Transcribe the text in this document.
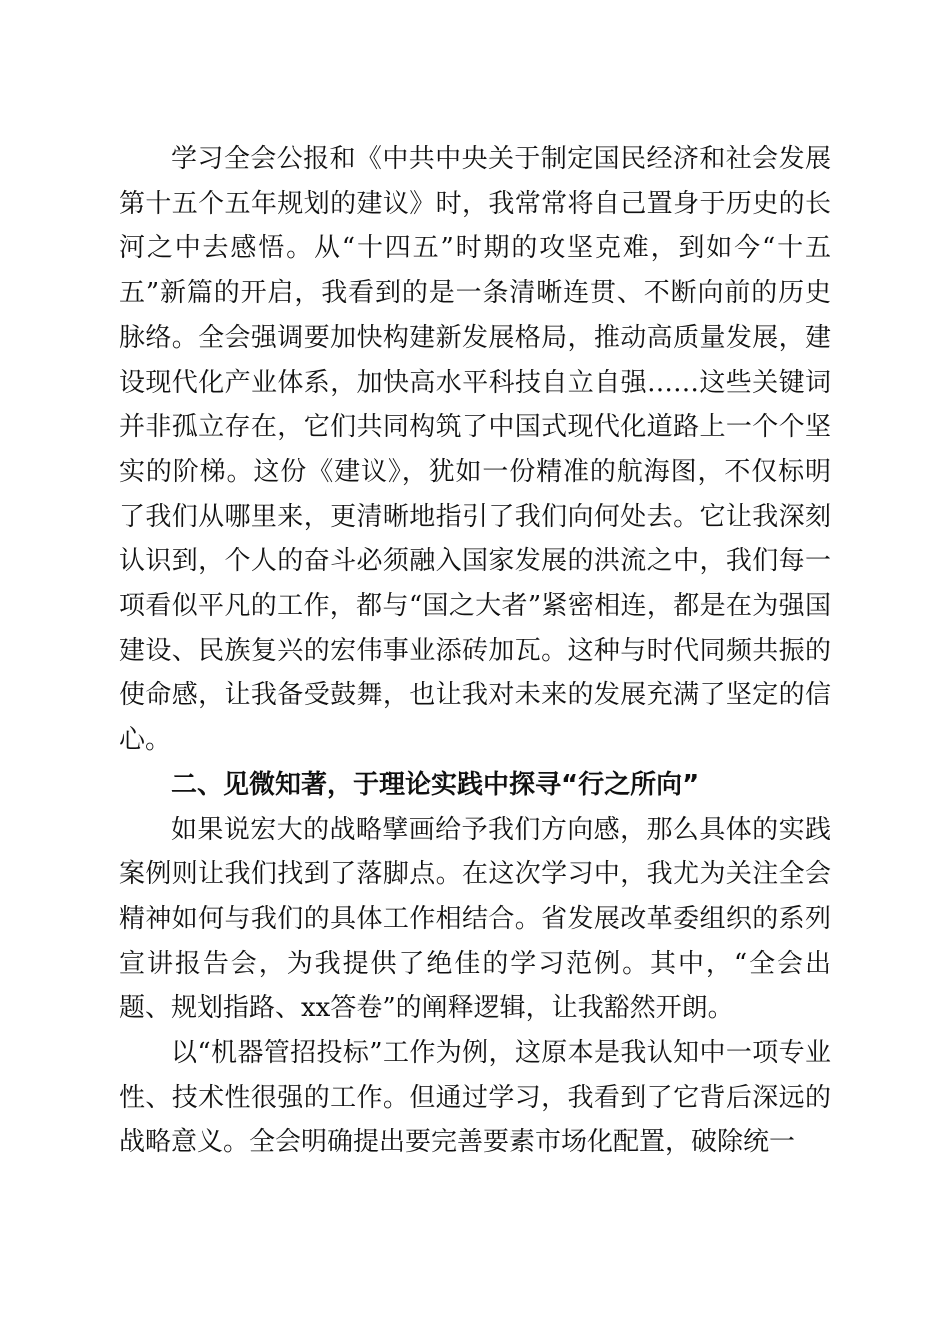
学习全会公报和《中共中央关于制定国民经济和社会发展第十五个五年规划的建议》时，我常常将自己置身于历史的长河之中去感悟。从“十四五”时期的攻坚克难，到如今“十五五”新篇的开启，我看到的是一条清晰连贯、不断向前的历史脉络。全会强调要加快构建新发展格局，推动高质量发展，建设现代化产业体系，加快高水平科技自立自强……这些关键词并非孤立存在，它们共同构筑了中国式现代化道路上一个个坚实的阶梯。这份《建议》，犹如一份精准的航海图，不仅标明了我们从哪里来，更清晰地指引了我们向何处去。它让我深刻认识到，个人的奋斗必须融入国家发展的洪流之中，我们每一项看似平凡的工作，都与“国之大者”紧密相连，都是在为强国建设、民族复兴的宏伟事业添砖加瓦。这种与时代同频共振的使命感，让我备受鼓舞，也让我对未来的发展充满了坚定的信心。

二、见微知著，于理论实践中探寻“行之所向”

如果说宏大的战略擘画给予我们方向感，那么具体的实践案例则让我们找到了落脚点。在这次学习中，我尤为关注全会精神如何与我们的具体工作相结合。省发展改革委组织的系列宣讲报告会，为我提供了绝佳的学习范例。其中，“全会出题、规划指路、xx答卷”的阐释逻辑，让我豁然开朗。

以“机器管招投标”工作为例，这原本是我认知中一项专业性、技术性很强的工作。但通过学习，我看到了它背后深远的战略意义。全会明确提出要完善要素市场化配置，破除统一
